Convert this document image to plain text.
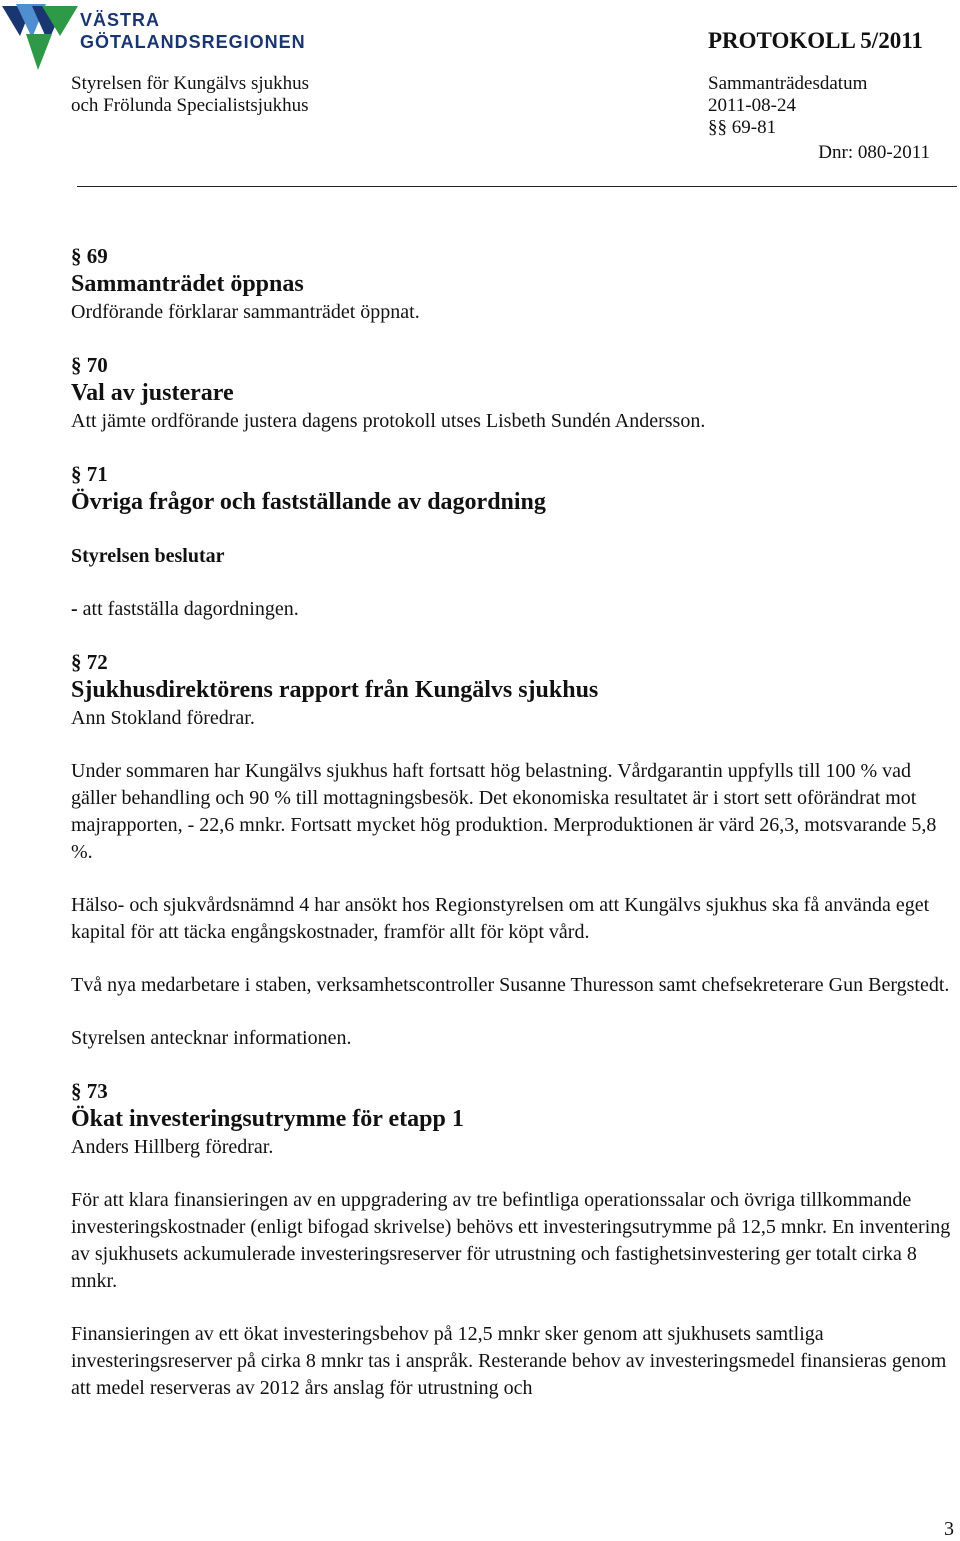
VÄSTRA
GÖTALANDSREGIONEN	PROTOKOLL 5/2011
Styrelsen för Kungälvs sjukhus
och Frölunda Specialistsjukhus
Sammanträdesdatum
2011-08-24
§§ 69-81
Dnr: 080-2011
§ 69
Sammanträdet öppnas
Ordförande förklarar sammanträdet öppnat.
§ 70
Val av justerare
Att jämte ordförande justera dagens protokoll utses Lisbeth Sundén Andersson.
§ 71
Övriga frågor och fastställande av dagordning
Styrelsen beslutar
- att fastställa dagordningen.
§ 72
Sjukhusdirektörens rapport från Kungälvs sjukhus
Ann Stokland föredrar.
Under sommaren har Kungälvs sjukhus haft fortsatt hög belastning. Vårdgarantin uppfylls till 100 % vad gäller behandling och 90 % till mottagningsbesök. Det ekonomiska resultatet är i stort sett oförändrat mot majrapporten, - 22,6 mnkr. Fortsatt mycket hög produktion. Merproduktionen är värd 26,3, motsvarande 5,8 %.
Hälso- och sjukvårdsnämnd 4 har ansökt hos Regionstyrelsen om att Kungälvs sjukhus ska få använda eget kapital för att täcka engångskostnader, framför allt för köpt vård.
Två nya medarbetare i staben, verksamhetscontroller Susanne Thuresson samt chefsekreterare Gun Bergstedt.
Styrelsen antecknar informationen.
§ 73
Ökat investeringsutrymme för etapp 1
Anders Hillberg föredrar.
För att klara finansieringen av en uppgradering av tre befintliga operationssalar och övriga tillkommande investeringskostnader (enligt bifogad skrivelse) behövs ett investeringsutrymme på 12,5 mnkr. En inventering av sjukhusets ackumulerade investeringsreserver för utrustning och fastighetsinvestering ger totalt cirka 8 mnkr.
Finansieringen av ett ökat investeringsbehov på 12,5 mnkr sker genom att sjukhusets samtliga investeringsreserver på cirka 8 mnkr tas i anspråk. Resterande behov av investeringsmedel finansieras genom att medel reserveras av 2012 års anslag för utrustning och
3
